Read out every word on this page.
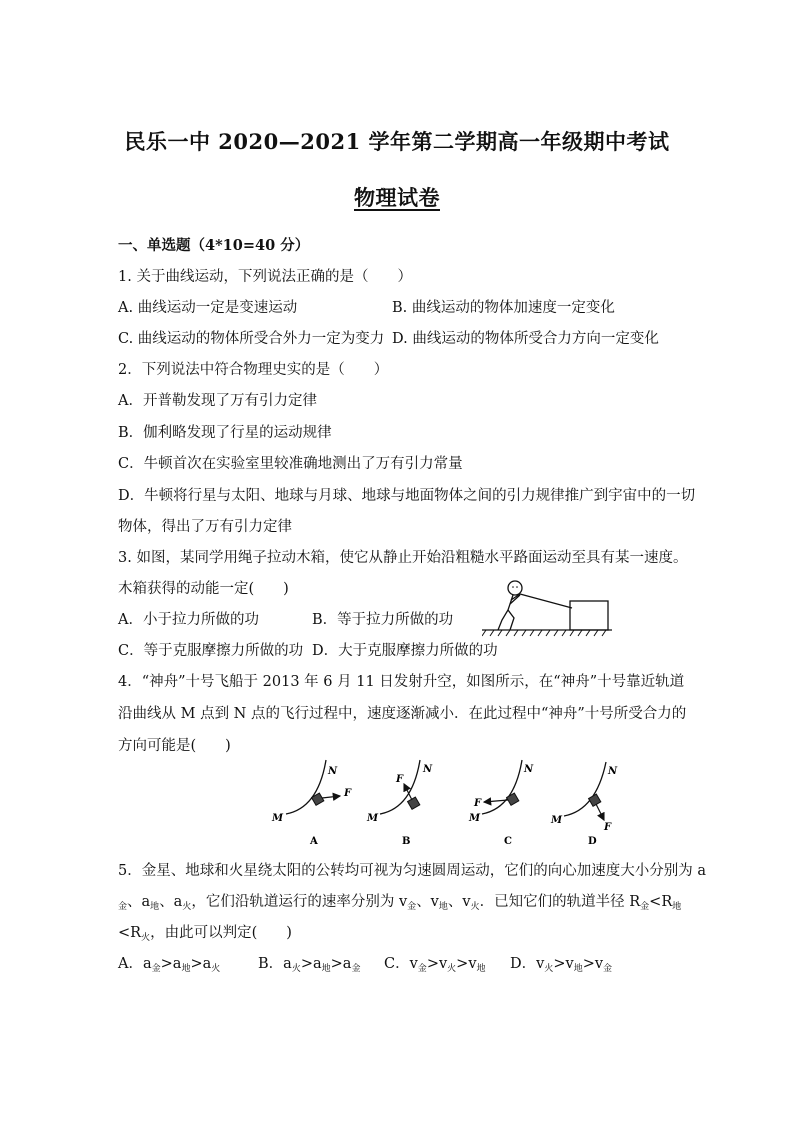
民乐一中 2020—2021 学年第二学期高一年级期中考试
物理试卷
一、单选题（4*10=40 分）
1. 关于曲线运动，下列说法正确的是（　　）
A. 曲线运动一定是变速运动	B. 曲线运动的物体加速度一定变化
C. 曲线运动的物体所受合外力一定为变力 D. 曲线运动的物体所受合力方向一定变化
2．下列说法中符合物理史实的是（　　）
A．开普勒发现了万有引力定律
B．伽利略发现了行星的运动规律
C．牛顿首次在实验室里较准确地测出了万有引力常量
D．牛顿将行星与太阳、地球与月球、地球与地面物体之间的引力规律推广到宇宙中的一切
物体，得出了万有引力定律
3. 如图，某同学用绳子拉动木箱，使它从静止开始沿粗糙水平路面运动至具有某一速度。
木箱获得的动能一定(　　)
A．小于拉力所做的功	B．等于拉力所做的功
C．等于克服摩擦力所做的功 D．大于克服摩擦力所做的功
4．“神舟”十号飞船于 2013 年 6 月 11 日发射升空，如图所示，在“神舟”十号靠近轨道
沿曲线从 M 点到 N 点的飞行过程中，速度逐渐减小．在此过程中“神舟”十号所受合力的
方向可能是(　　)
N
F
M
A
N
F
M
B
N
F
M
C
N
F
M
D
5．金星、地球和火星绕太阳的公转均可视为匀速圆周运动，它们的向心加速度大小分别为 a
$_金$、$a_地$、$a_火$，它们沿轨道运行的速率分别为 $v_金$、$v_地$、$v_火$．已知它们的轨道半径 $R_金<R_地$
$<R_火$，由此可以判定(　　)
A．$a_金>a_地>a_火$	B．$a_火>a_地>a_金$ C．$v_金>v_火>v_地$ D．$v_火>v_地>v_金$
